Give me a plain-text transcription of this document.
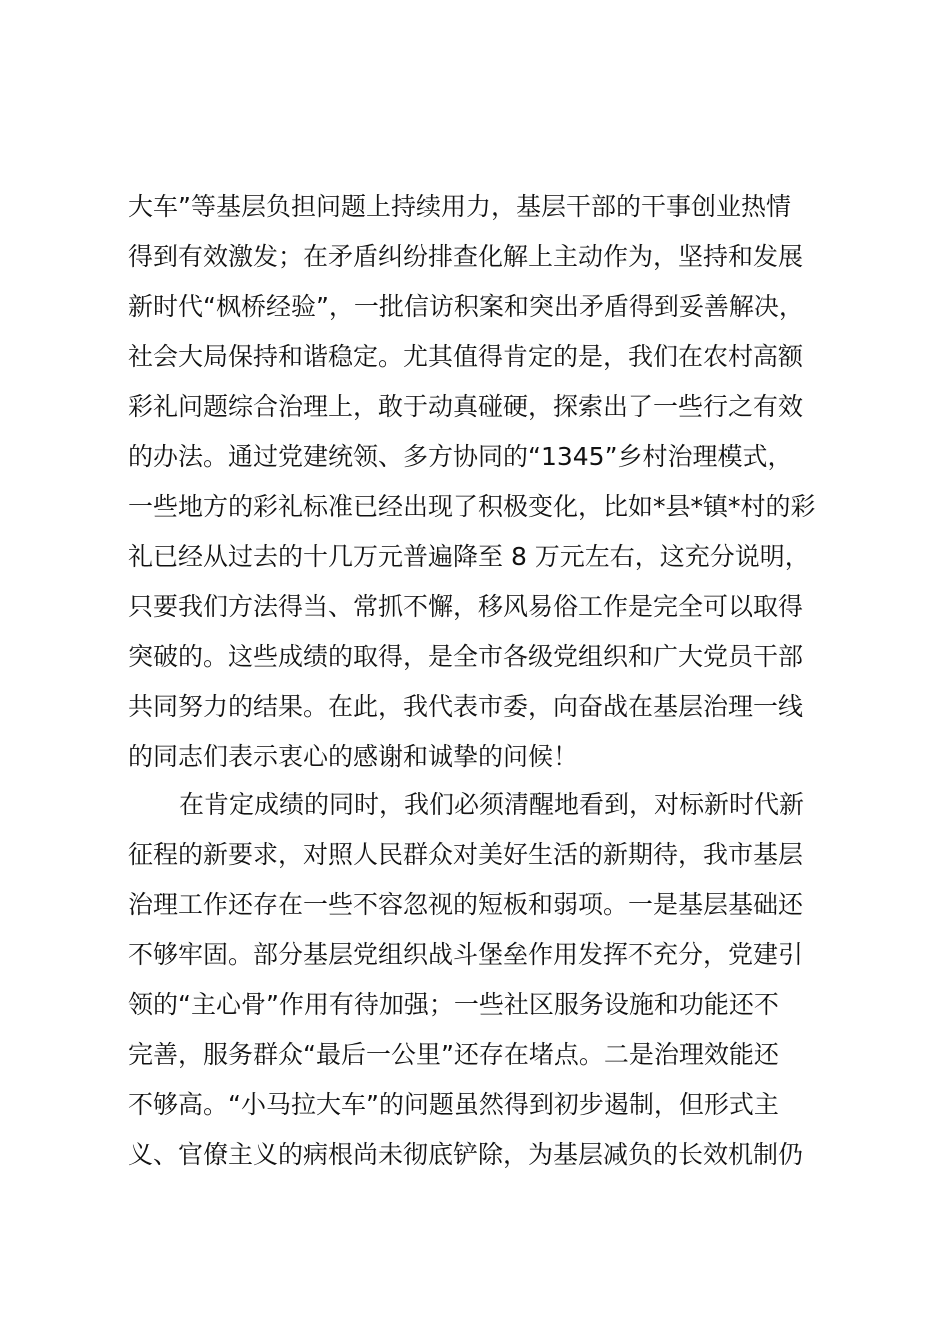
大车”等基层负担问题上持续用力，基层干部的干事创业热情
得到有效激发；在矛盾纠纷排查化解上主动作为，坚持和发展
新时代“枫桥经验”，一批信访积案和突出矛盾得到妥善解决，
社会大局保持和谐稳定。尤其值得肯定的是，我们在农村高额
彩礼问题综合治理上，敢于动真碰硬，探索出了一些行之有效
的办法。通过党建统领、多方协同的“1345”乡村治理模式，
一些地方的彩礼标准已经出现了积极变化，比如*县*镇*村的彩
礼已经从过去的十几万元普遍降至 8 万元左右，这充分说明，
只要我们方法得当、常抓不懈，移风易俗工作是完全可以取得
突破的。这些成绩的取得，是全市各级党组织和广大党员干部
共同努力的结果。在此，我代表市委，向奋战在基层治理一线
的同志们表示衷心的感谢和诚挚的问候！
在肯定成绩的同时，我们必须清醒地看到，对标新时代新
征程的新要求，对照人民群众对美好生活的新期待，我市基层
治理工作还存在一些不容忽视的短板和弱项。一是基层基础还
不够牢固。部分基层党组织战斗堡垒作用发挥不充分，党建引
领的“主心骨”作用有待加强；一些社区服务设施和功能还不
完善，服务群众“最后一公里”还存在堵点。二是治理效能还
不够高。“小马拉大车”的问题虽然得到初步遏制，但形式主
义、官僚主义的病根尚未彻底铲除，为基层减负的长效机制仍
